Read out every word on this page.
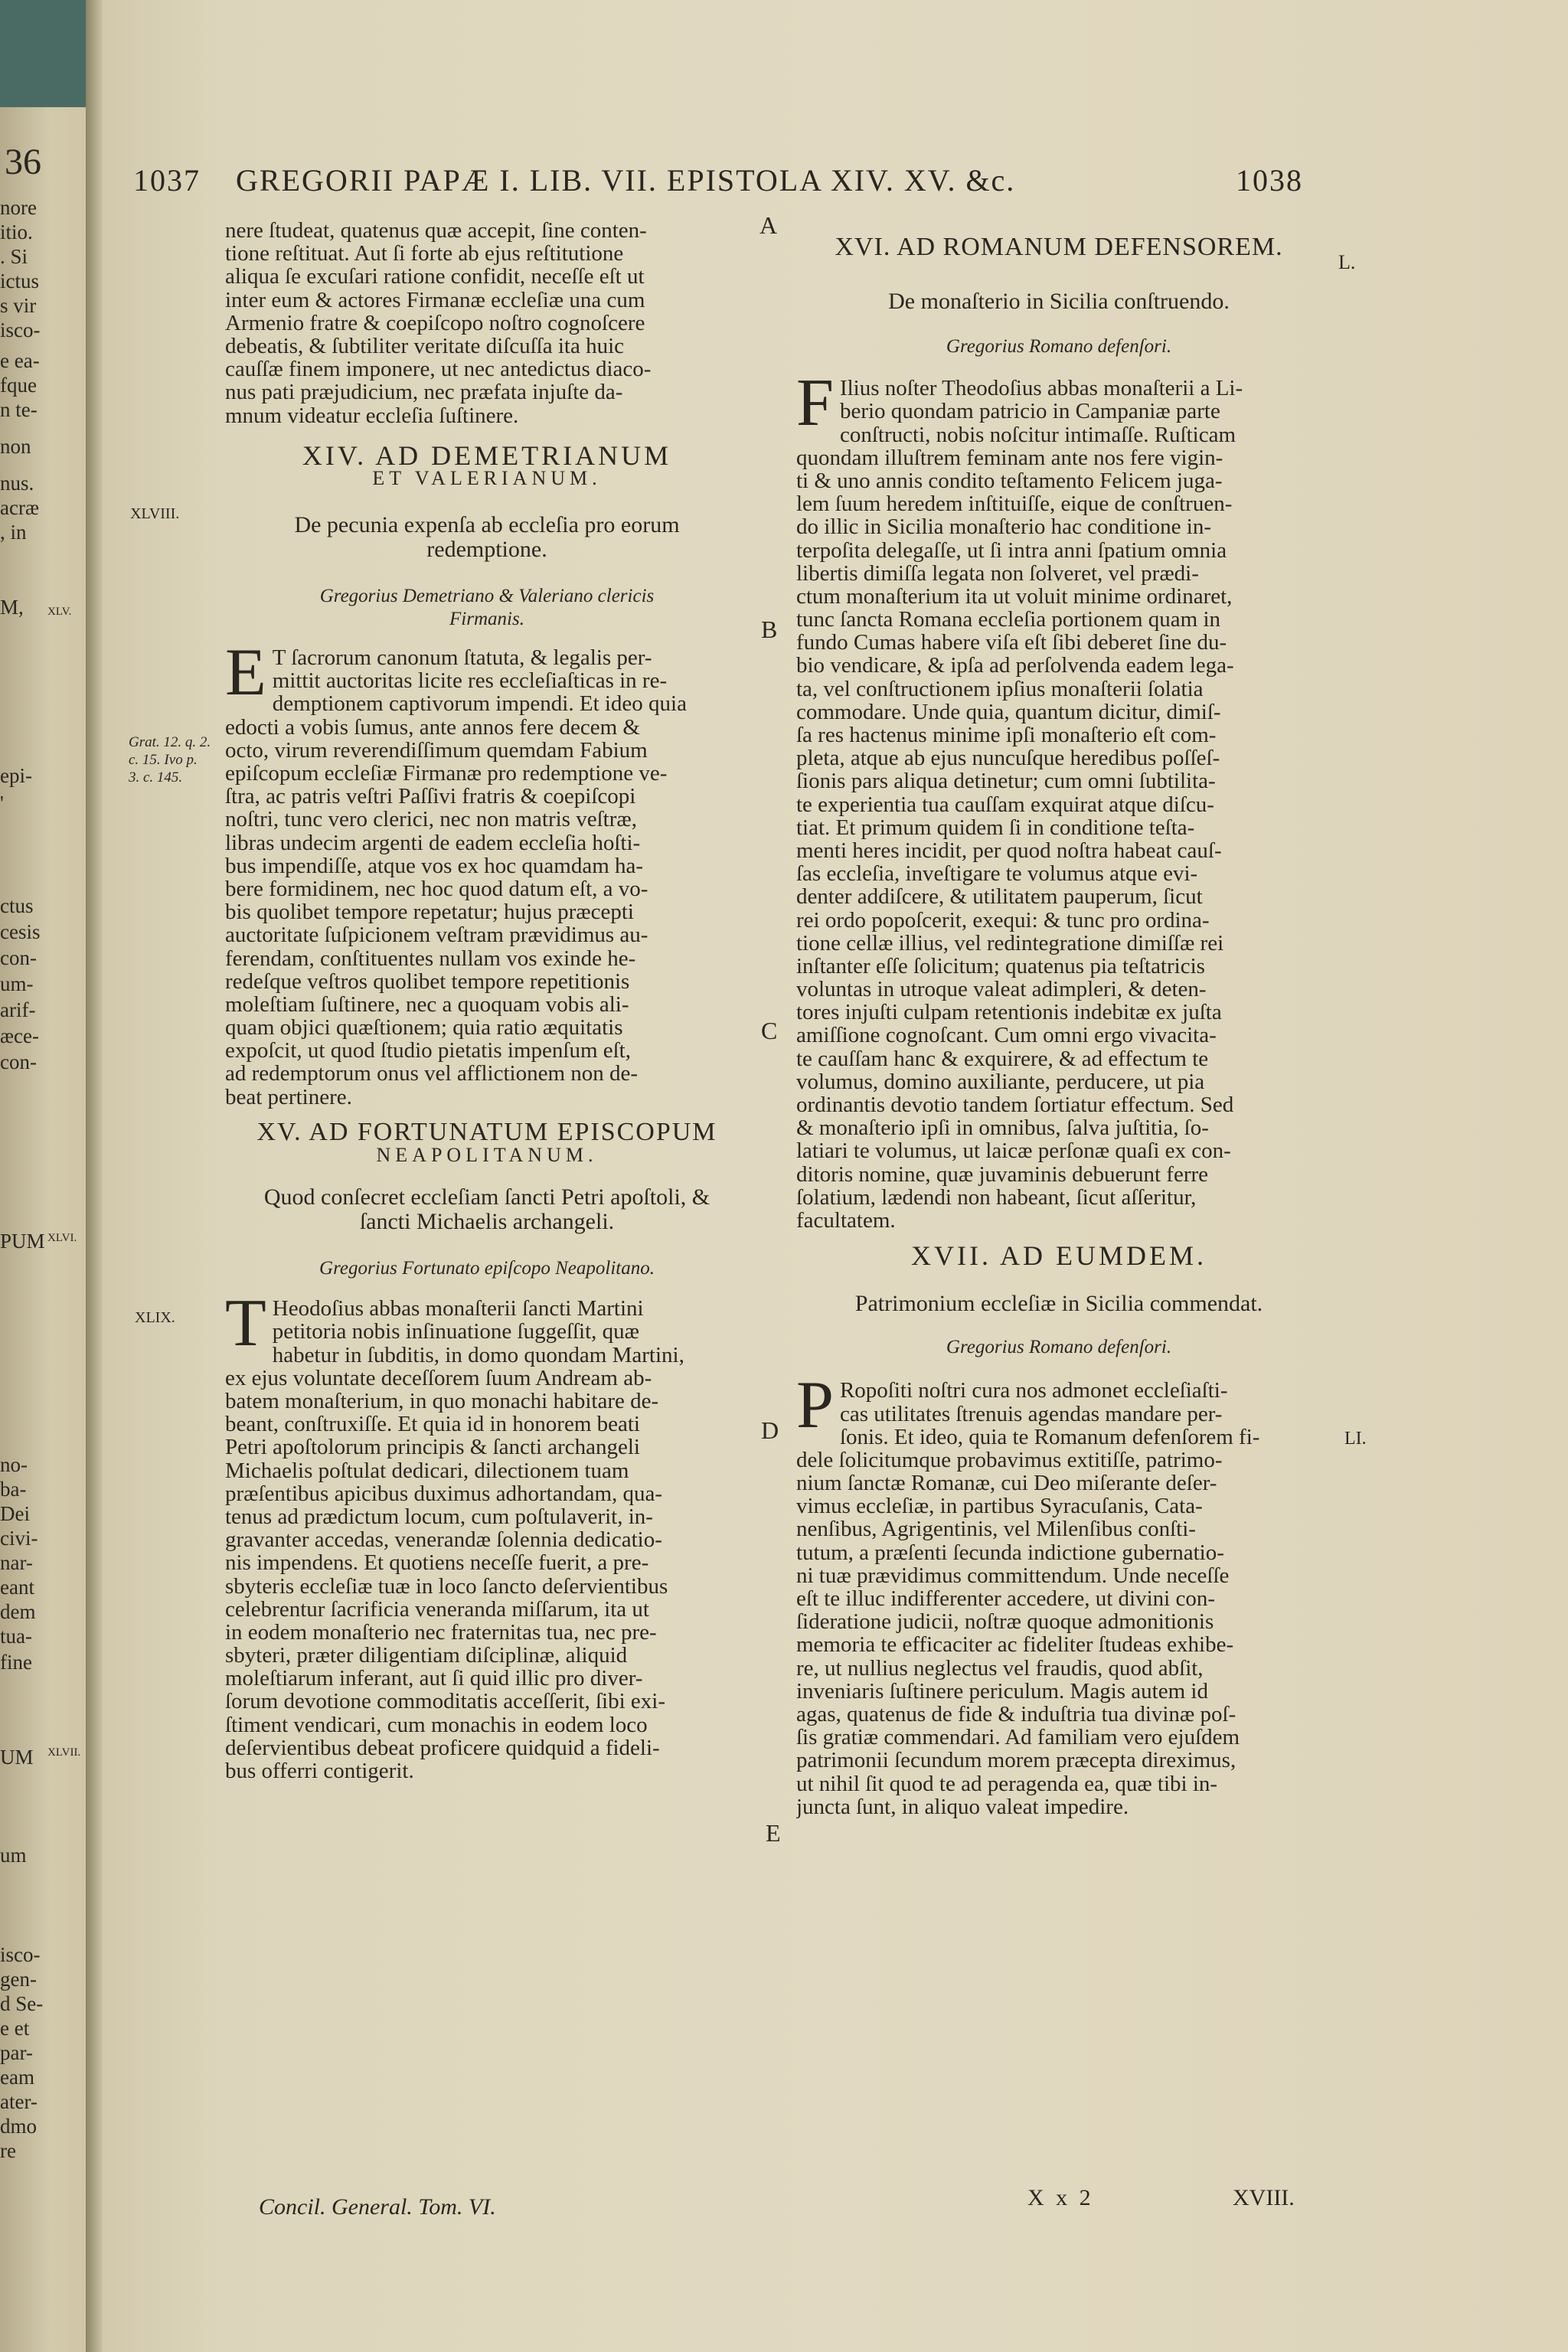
36
nore
itio.
. Si
ictus
s vir
isco-
e ea-
fque
n te-
non
nus.
acræ
, in
M,
epi-
'
ctus
cesis
con-
um-
arif-
æce-
con-
PUM
no-
ba-
Dei
civi-
nar-
eant
dem
tua-
fine
UM
um
isco-
gen-
d Se-
e et
par-
eam
ater-
dmo
re
XLV.
XLVI.
XLVII.
1037 GREGORII PAPÆ I. LIB. VII. EPISTOLA XIV. XV. &c.	1038
nere ſtudeat, quatenus quæ accepit, ſine conten-
tione reſtituat. Aut ſi forte ab ejus reſtitutione
aliqua ſe excuſari ratione confidit, neceſſe eſt ut
inter eum & actores Firmanæ eccleſiæ una cum
Armenio fratre & coepiſcopo noſtro cognoſcere
debeatis, & ſubtiliter veritate diſcuſſa ita huic
cauſſæ finem imponere, ut nec antedictus diaco-
nus pati præjudicium, nec præfata injuſte da-
mnum videatur eccleſia ſuſtinere.
XIV. AD DEMETRIANUM
ET VALERIANUM.
De pecunia expenſa ab eccleſia pro eorum
redemptione.
Gregorius Demetriano & Valeriano clericis
Firmanis.
E T ſacrorum canonum ſtatuta, & legalis per-
mittit auctoritas licite res eccleſiaſticas in re-
demptionem captivorum impendi. Et ideo quia
edocti a vobis ſumus, ante annos fere decem &
octo, virum reverendiſſimum quemdam Fabium
epiſcopum eccleſiæ Firmanæ pro redemptione ve-
ſtra, ac patris veſtri Paſſivi fratris & coepiſcopi
noſtri, tunc vero clerici, nec non matris veſtræ,
libras undecim argenti de eadem eccleſia hoſti-
bus impendiſſe, atque vos ex hoc quamdam ha-
bere formidinem, nec hoc quod datum eſt, a vo-
bis quolibet tempore repetatur; hujus præcepti
auctoritate ſuſpicionem veſtram prævidimus au-
ferendam, conſtituentes nullam vos exinde he-
redeſque veſtros quolibet tempore repetitionis
moleſtiam ſuſtinere, nec a quoquam vobis ali-
quam objici quæſtionem; quia ratio æquitatis
expoſcit, ut quod ſtudio pietatis impenſum eſt,
ad redemptorum onus vel afflictionem non de-
beat pertinere.
XV. AD FORTUNATUM EPISCOPUM
NEAPOLITANUM.
Quod conſecret eccleſiam ſancti Petri apoſtoli, &
ſancti Michaelis archangeli.
Gregorius Fortunato epiſcopo Neapolitano.
T Heodoſius abbas monaſterii ſancti Martini
petitoria nobis inſinuatione ſuggeſſit, quæ
habetur in ſubditis, in domo quondam Martini,
ex ejus voluntate deceſſorem ſuum Andream ab-
batem monaſterium, in quo monachi habitare de-
beant, conſtruxiſſe. Et quia id in honorem beati
Petri apoſtolorum principis & ſancti archangeli
Michaelis poſtulat dedicari, dilectionem tuam
præſentibus apicibus duximus adhortandam, qua-
tenus ad prædictum locum, cum poſtulaverit, in-
gravanter accedas, venerandæ ſolennia dedicatio-
nis impendens. Et quotiens neceſſe fuerit, a pre-
sbyteris eccleſiæ tuæ in loco ſancto deſervientibus
celebrentur ſacrificia veneranda miſſarum, ita ut
in eodem monaſterio nec fraternitas tua, nec pre-
sbyteri, præter diligentiam diſciplinæ, aliquid
moleſtiarum inferant, aut ſi quid illic pro diver-
ſorum devotione commoditatis acceſſerit, ſibi exi-
ſtiment vendicari, cum monachis in eodem loco
deſervientibus debeat proficere quidquid a fideli-
bus offerri contigerit.
XVI. AD ROMANUM DEFENSOREM.
De monaſterio in Sicilia conſtruendo.
Gregorius Romano defenſori.
F Ilius noſter Theodoſius abbas monaſterii a Li-
berio quondam patricio in Campaniæ parte
conſtructi, nobis noſcitur intimaſſe. Ruſticam
quondam illuſtrem feminam ante nos fere vigin-
ti & uno annis condito teſtamento Felicem juga-
lem ſuum heredem inſtituiſſe, eique de conſtruen-
do illic in Sicilia monaſterio hac conditione in-
terpoſita delegaſſe, ut ſi intra anni ſpatium omnia
libertis dimiſſa legata non ſolveret, vel prædi-
ctum monaſterium ita ut voluit minime ordinaret,
tunc ſancta Romana eccleſia portionem quam in
fundo Cumas habere viſa eſt ſibi deberet ſine du-
bio vendicare, & ipſa ad perſolvenda eadem lega-
ta, vel conſtructionem ipſius monaſterii ſolatia
commodare. Unde quia, quantum dicitur, dimiſ-
ſa res hactenus minime ipſi monaſterio eſt com-
pleta, atque ab ejus nuncuſque heredibus poſſeſ-
ſionis pars aliqua detinetur; cum omni ſubtilita-
te experientia tua cauſſam exquirat atque diſcu-
tiat. Et primum quidem ſi in conditione teſta-
menti heres incidit, per quod noſtra habeat cauſ-
ſas eccleſia, inveſtigare te volumus atque evi-
denter addiſcere, & utilitatem pauperum, ſicut
rei ordo popoſcerit, exequi: & tunc pro ordina-
tione cellæ illius, vel redintegratione dimiſſæ rei
inſtanter eſſe ſolicitum; quatenus pia teſtatricis
voluntas in utroque valeat adimpleri, & deten-
tores injuſti culpam retentionis indebitæ ex juſta
amiſſione cognoſcant. Cum omni ergo vivacita-
te cauſſam hanc & exquirere, & ad effectum te
volumus, domino auxiliante, perducere, ut pia
ordinantis devotio tandem ſortiatur effectum. Sed
& monaſterio ipſi in omnibus, ſalva juſtitia, ſo-
latiari te volumus, ut laicæ perſonæ quaſi ex con-
ditoris nomine, quæ juvaminis debuerunt ferre
ſolatium, lædendi non habeant, ſicut aſſeritur,
facultatem.
XVII. AD EUMDEM.
Patrimonium eccleſiæ in Sicilia commendat.
Gregorius Romano defenſori.
P Ropoſiti noſtri cura nos admonet eccleſiaſti-
cas utilitates ſtrenuis agendas mandare per-
ſonis. Et ideo, quia te Romanum defenſorem fi-
dele ſolicitumque probavimus extitiſſe, patrimo-
nium ſanctæ Romanæ, cui Deo miſerante deſer-
vimus eccleſiæ, in partibus Syracuſanis, Cata-
nenſibus, Agrigentinis, vel Milenſibus conſti-
tutum, a præſenti ſecunda indictione gubernatio-
ni tuæ prævidimus committendum. Unde neceſſe
eſt te illuc indifferenter accedere, ut divini con-
ſiderationе judicii, noſtræ quoque admonitionis
memoria te efficaciter ac fideliter ſtudeas exhibe-
re, ut nullius neglectus vel fraudis, quod abſit,
inveniaris ſuſtinere periculum. Magis autem id
agas, quatenus de fide & induſtria tua divinæ poſ-
ſis gratiæ commendari. Ad familiam vero ejuſdem
patrimonii ſecundum morem præcepta direximus,
ut nihil ſit quod te ad peragenda ea, quæ tibi in-
juncta ſunt, in aliquo valeat impedire.
A
B
C
D
E
XLVIII.
XLIX.
L.
LI.
Grat. 12. q. 2.
c. 15. Ivo p.
3. c. 145.
Concil. General. Tom. VI.	X x 2	XVIII.
